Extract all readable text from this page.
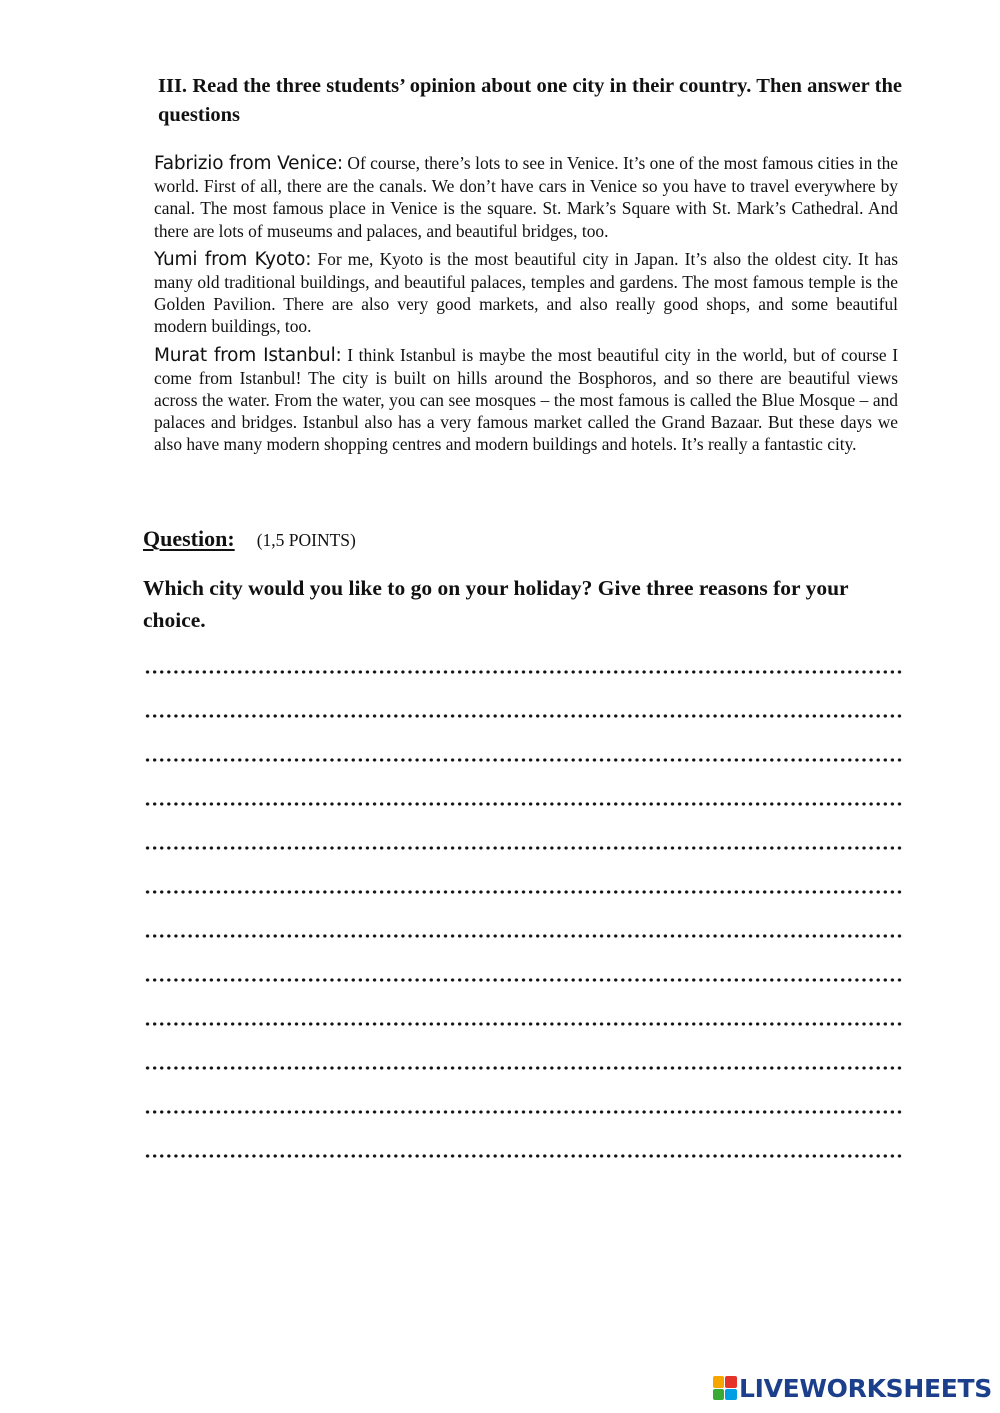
III. Read the three students’ opinion about one city in their country. Then answer the questions

Fabrizio from Venice: Of course, there’s lots to see in Venice. It’s one of the most famous cities in the world. First of all, there are the canals. We don’t have cars in Venice so you have to travel everywhere by canal. The most famous place in Venice is the square. St. Mark’s Square with St. Mark’s Cathedral. And there are lots of museums and palaces, and beautiful bridges, too.

Yumi from Kyoto: For me, Kyoto is the most beautiful city in Japan. It’s also the oldest city. It has many old traditional buildings, and beautiful palaces, temples and gardens. The most famous temple is the Golden Pavilion. There are also very good markets, and also really good shops, and some beautiful modern buildings, too.

Murat from Istanbul: I think Istanbul is maybe the most beautiful city in the world, but of course I come from Istanbul! The city is built on hills around the Bosphoros, and so there are beautiful views across the water. From the water, you can see mosques – the most famous is called the Blue Mosque – and palaces and bridges. Istanbul also has a very famous market called the Grand Bazaar. But these days we also have many modern shopping centres and modern buildings and hotels. It’s really a fantastic city.

Question: (1,5 POINTS)
Which city would you like to go on your holiday? Give three reasons for your choice.
LIVEWORKSHEETS
